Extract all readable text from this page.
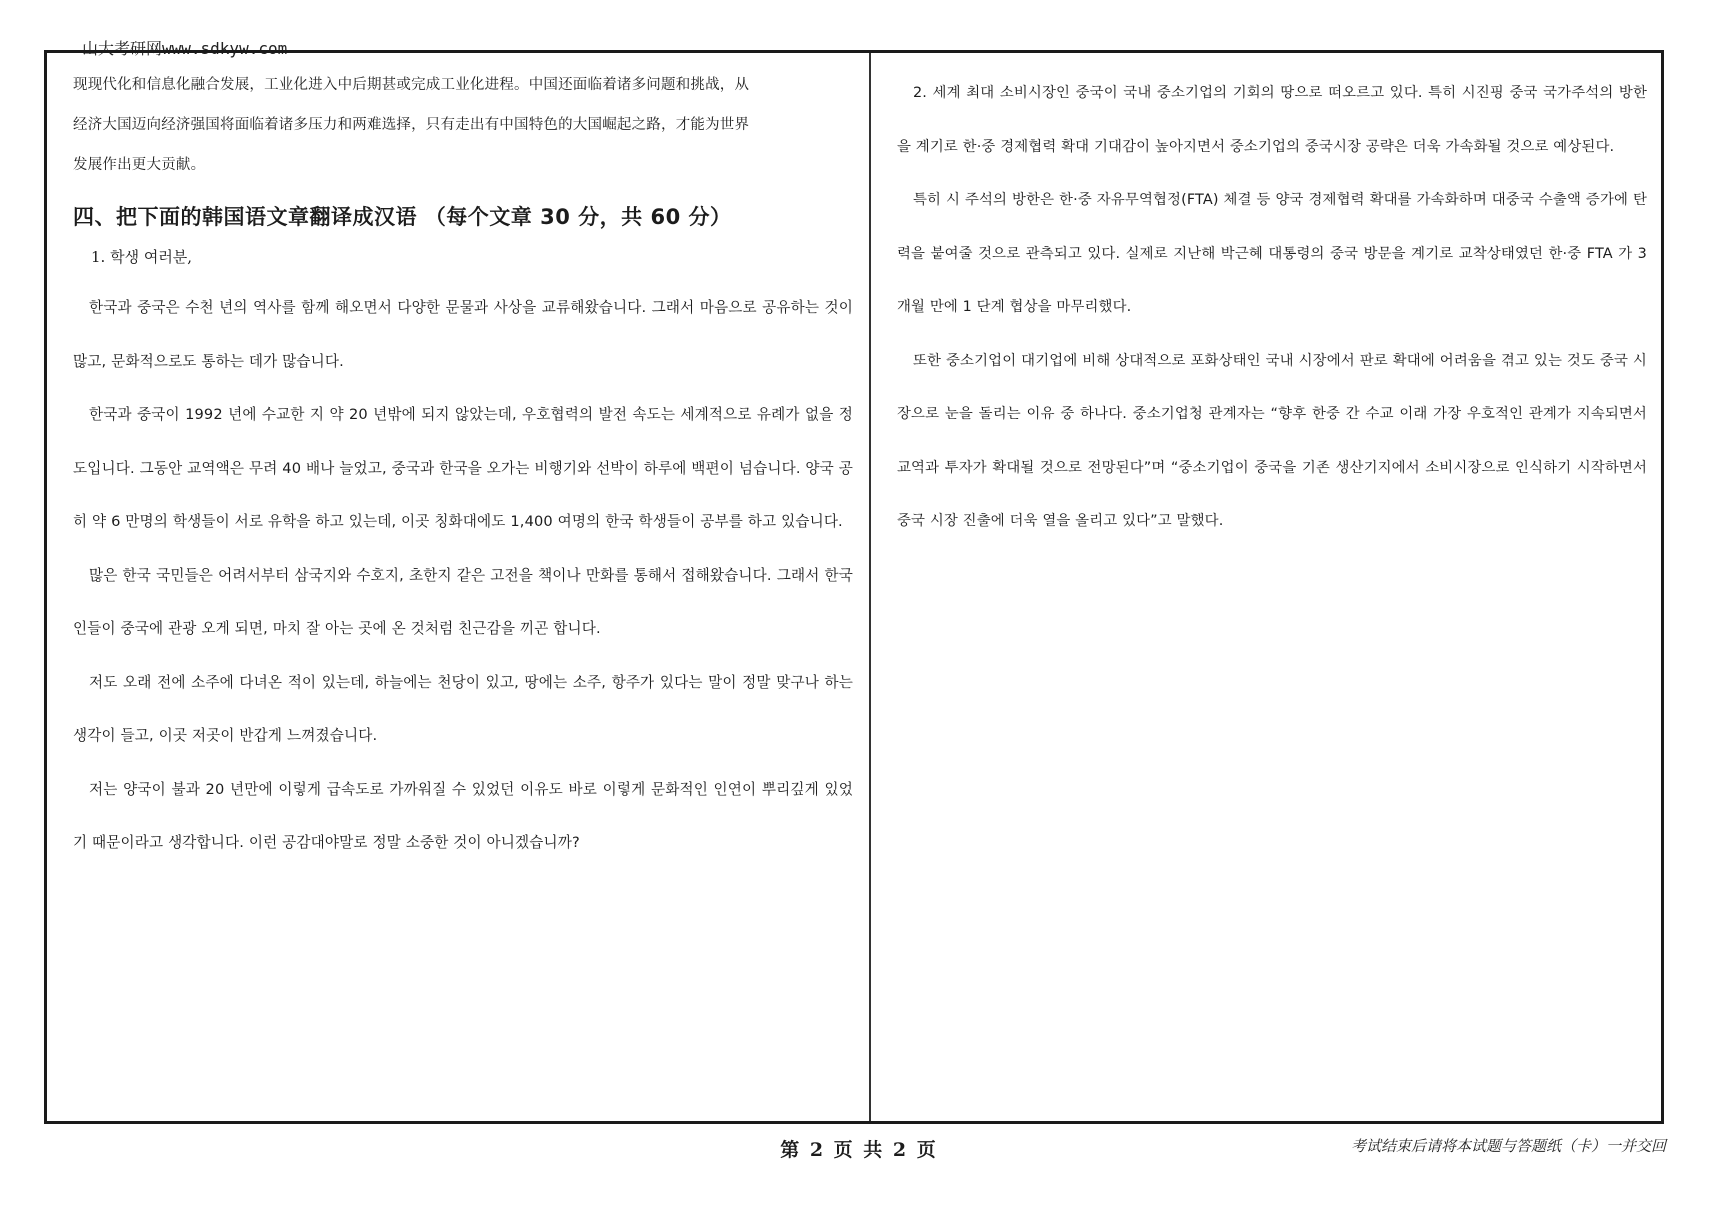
山大考研网www.sdkyw.com

现现代化和信息化融合发展，工业化进入中后期甚或完成工业化进程。中国还面临着诸多问题和挑战，从

经济大国迈向经济强国将面临着诸多压力和两难选择，只有走出有中国特色的大国崛起之路，才能为世界

发展作出更大贡献。

四、把下面的韩国语文章翻译成汉语 （每个文章 30 分，共 60 分）
1. 학생 여러분,

한국과 중국은 수천 년의 역사를 함께 해오면서 다양한 문물과 사상을 교류해왔습니다. 그래서 마음으로 공유하는 것이 많고, 문화적으로도 통하는 데가 많습니다.

한국과 중국이 1992 년에 수교한 지 약 20 년밖에 되지 않았는데, 우호협력의 발전 속도는 세계적으로 유례가 없을 정도입니다. 그동안 교역액은 무려 40 배나 늘었고, 중국과 한국을 오가는 비행기와 선박이 하루에 백편이 넘습니다. 양국 공히 약 6 만명의 학생들이 서로 유학을 하고 있는데, 이곳 칭화대에도 1,400 여명의 한국 학생들이 공부를 하고 있습니다.

많은 한국 국민들은 어려서부터 삼국지와 수호지, 초한지 같은 고전을 책이나 만화를 통해서 접해왔습니다. 그래서 한국인들이 중국에 관광 오게 되면, 마치 잘 아는 곳에 온 것처럼 친근감을 끼곤 합니다.

저도 오래 전에 소주에 다녀온 적이 있는데, 하늘에는 천당이 있고, 땅에는 소주, 항주가 있다는 말이 정말 맞구나 하는 생각이 들고, 이곳 저곳이 반갑게 느껴졌습니다.

저는 양국이 불과 20 년만에 이렇게 급속도로 가까워질 수 있었던 이유도 바로 이렇게 문화적인 인연이 뿌리깊게 있었기 때문이라고 생각합니다. 이런 공감대야말로 정말 소중한 것이 아니겠습니까?

2. 세계 최대 소비시장인 중국이 국내 중소기업의 기회의 땅으로 떠오르고 있다. 특히 시진핑 중국 국가주석의 방한을 계기로 한·중 경제협력 확대 기대감이 높아지면서 중소기업의 중국시장 공략은 더욱 가속화될 것으로 예상된다.

특히 시 주석의 방한은 한·중 자유무역협정(FTA) 체결 등 양국 경제협력 확대를 가속화하며 대중국 수출액 증가에 탄력을 붙여줄 것으로 관측되고 있다. 실제로 지난해 박근혜 대통령의 중국 방문을 계기로 교착상태였던 한·중 FTA 가 3 개월 만에 1 단계 협상을 마무리했다.

또한 중소기업이 대기업에 비해 상대적으로 포화상태인 국내 시장에서 판로 확대에 어려움을 겪고 있는 것도 중국 시장으로 눈을 돌리는 이유 중 하나다. 중소기업청 관계자는 “향후 한중 간 수교 이래 가장 우호적인 관계가 지속되면서 교역과 투자가 확대될 것으로 전망된다”며 “중소기업이 중국을 기존 생산기지에서 소비시장으로 인식하기 시작하면서 중국 시장 진출에 더욱 열을 올리고 있다”고 말했다.

第 2 页 共 2 页	考试结束后请将本试题与答题纸（卡）一并交回
